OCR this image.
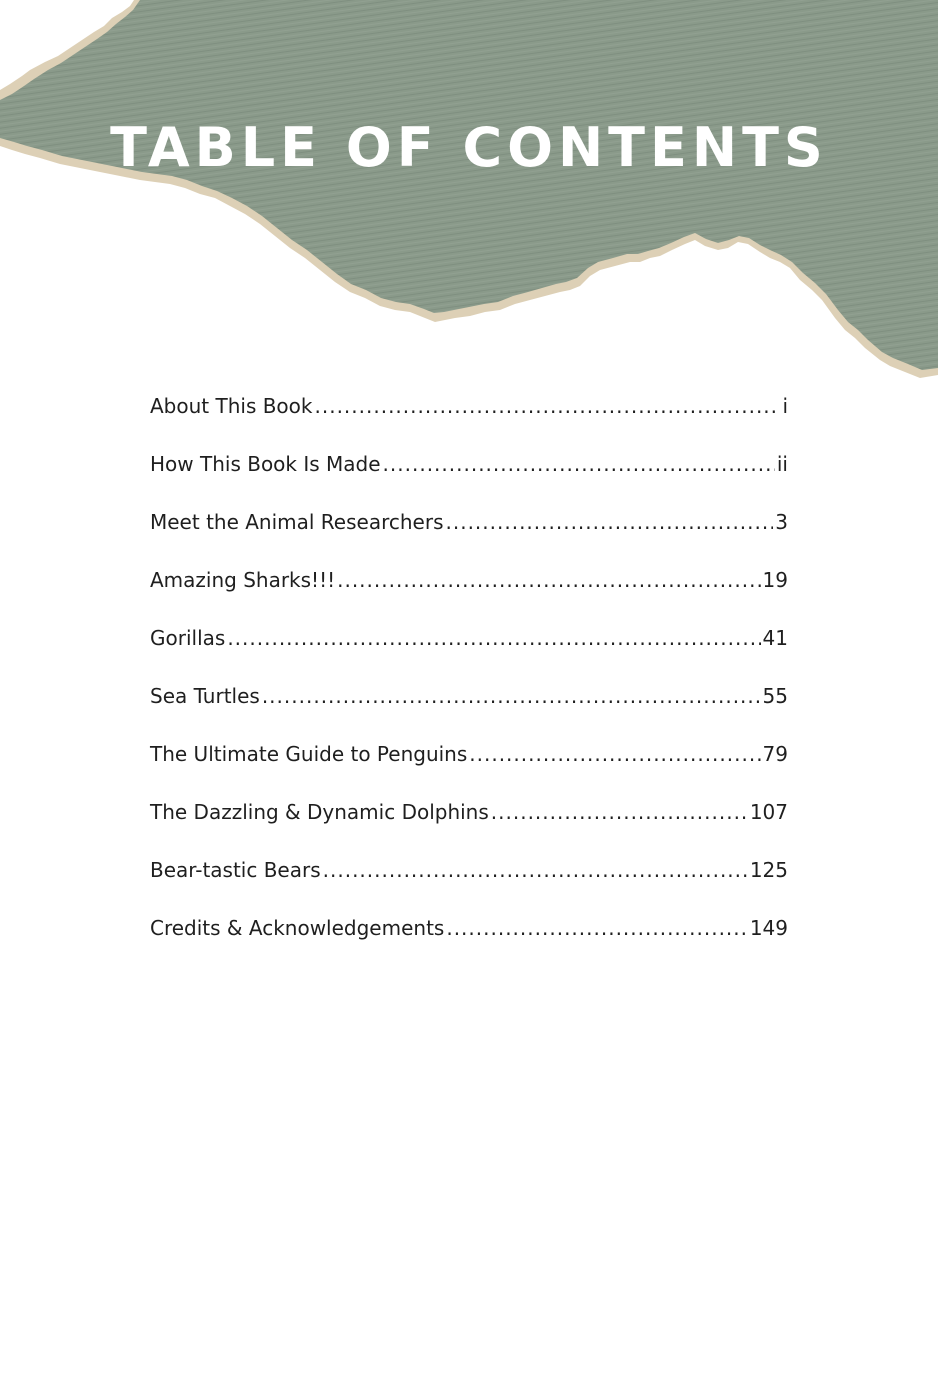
TABLE OF CONTENTS
About This Book .....	i
How This Book Is Made .....	ii
Meet the Animal Researchers .....	3
Amazing Sharks!!! .....	19
Gorillas .....	41
Sea Turtles .....	55
The Ultimate Guide to Penguins .....	79
The Dazzling & Dynamic Dolphins .....	107
Bear-tastic Bears .....	125
Credits & Acknowledgements .....	149
